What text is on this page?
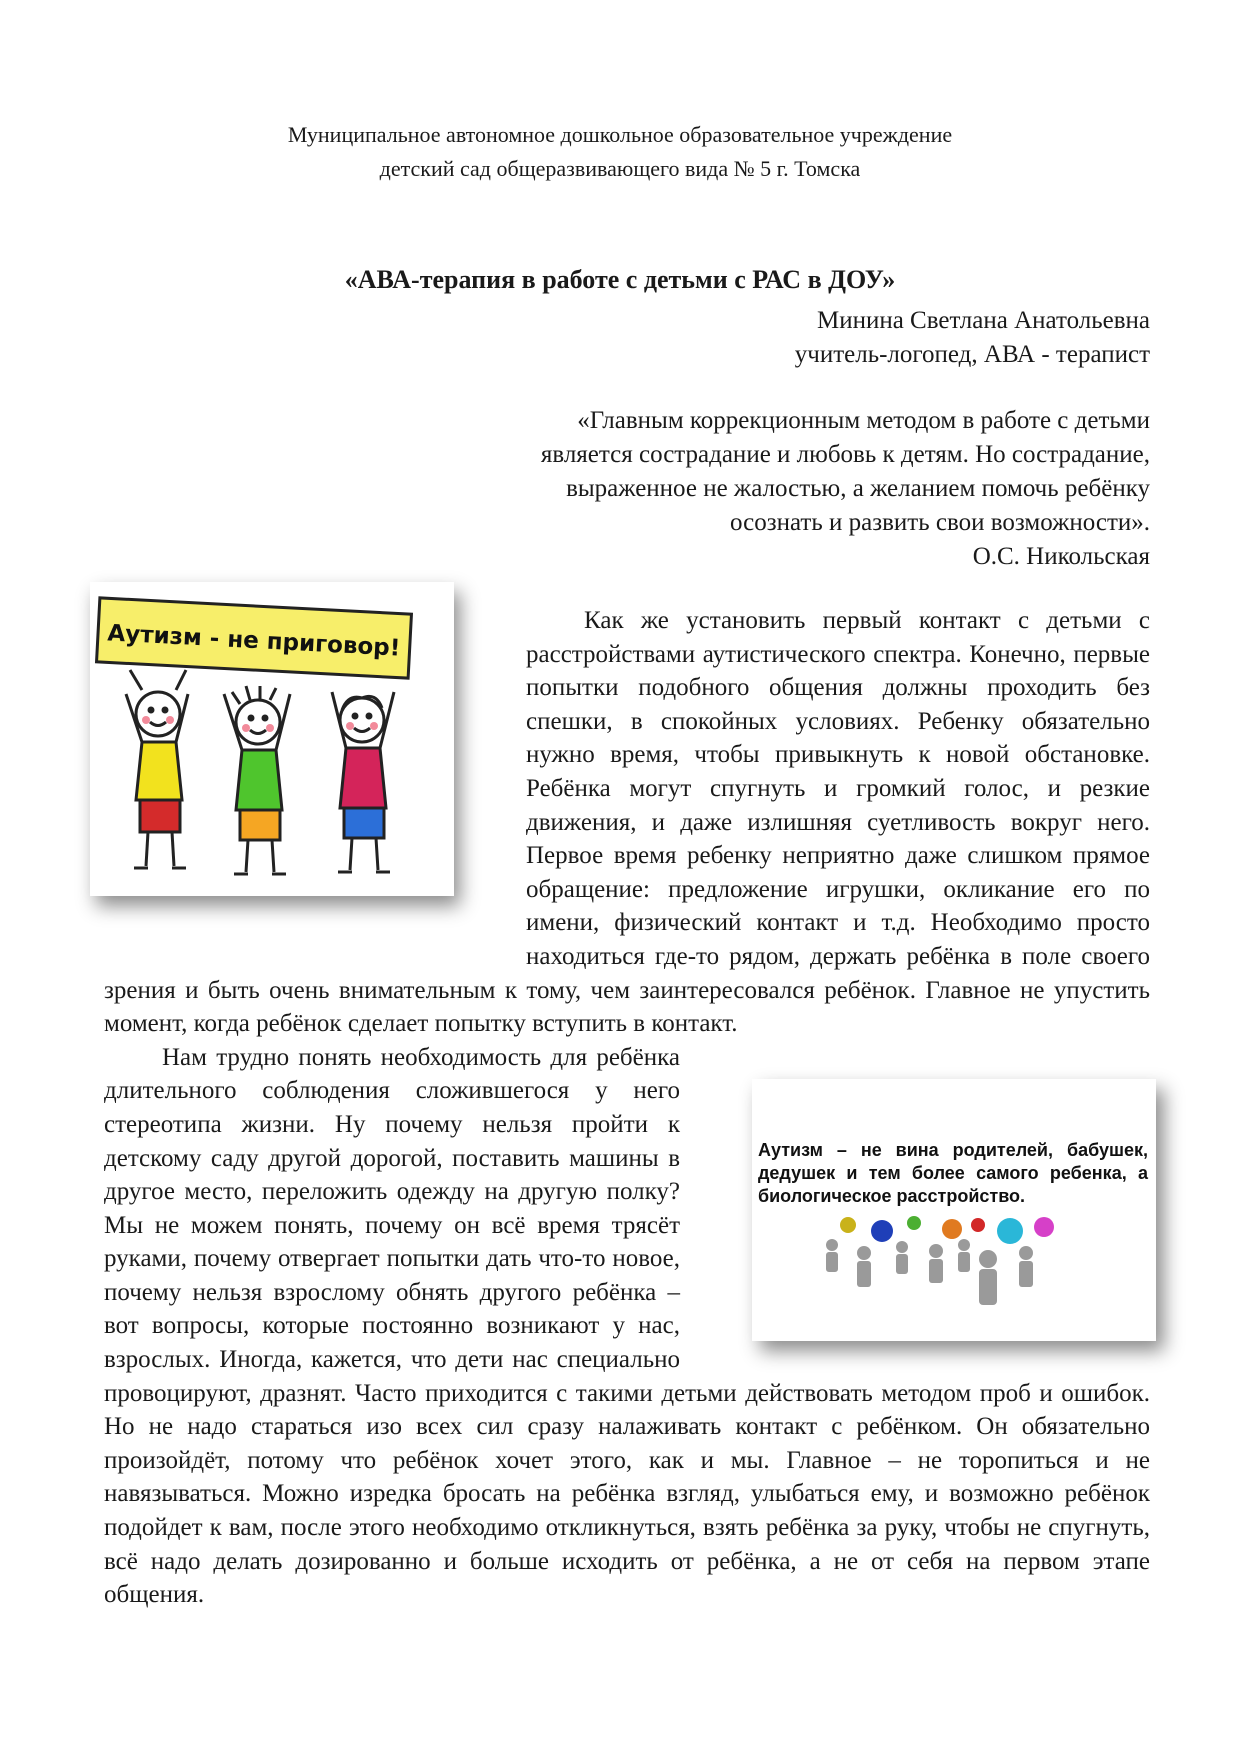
Муниципальное автономное дошкольное образовательное учреждение
детский сад общеразвивающего вида № 5 г. Томска
«АВА-терапия в работе с детьми с РАС в ДОУ»
Минина Светлана Анатольевна
учитель-логопед, АВА - терапист

«Главным коррекционным методом в работе с детьми

является сострадание и любовь к детям. Но сострадание,

выраженное не жалостью, а желанием помочь ребёнку

осознать и развить свои возможности».

О.С. Никольская

Аутизм - не приговор!	Как же установить первый контакт с детьми с расстройствами аутистического спектра. Конечно, первые попытки подобного общения должны проходить без спешки, в спокойных условиях. Ребенку обязательно нужно время, чтобы привыкнуть к новой обстановке. Ребёнка могут спугнуть и громкий голос, и резкие движения, и даже излишняя суетливость вокруг него. Первое время ребенку неприятно даже слишком прямое обращение: предложение игрушки, окликание его по имени, физический контакт и т.д. Необходимо просто находиться где-то рядом, держать ребёнка в поле своего зрения и быть очень внимательным к тому, чем заинтересовался ребёнок. Главное не упустить момент, когда ребёнок сделает попытку вступить в контакт.

Аутизм – не вина родителей, бабушек, дедушек и тем более самого ребенка, а биологическое расстройство.

Нам трудно понять необходимость для ребёнка длительного соблюдения сложившегося у него стереотипа жизни. Ну почему нельзя пройти к детскому саду другой дорогой, поставить машины в другое место, переложить одежду на другую полку? Мы не можем понять, почему он всё время трясёт руками, почему отвергает попытки дать что-то новое, почему нельзя взрослому обнять другого ребёнка – вот вопросы, которые постоянно возникают у нас, взрослых. Иногда, кажется, что дети нас специально провоцируют, дразнят. Часто приходится с такими детьми действовать методом проб и ошибок. Но не надо стараться изо всех сил сразу налаживать контакт с ребёнком. Он обязательно произойдёт, потому что ребёнок хочет этого, как и мы. Главное – не торопиться и не навязываться. Можно изредка бросать на ребёнка взгляд, улыбаться ему, и возможно ребёнок подойдет к вам, после этого необходимо откликнуться, взять ребёнка за руку, чтобы не спугнуть, всё надо делать дозированно и больше исходить от ребёнка, а не от себя на первом этапе общения.
